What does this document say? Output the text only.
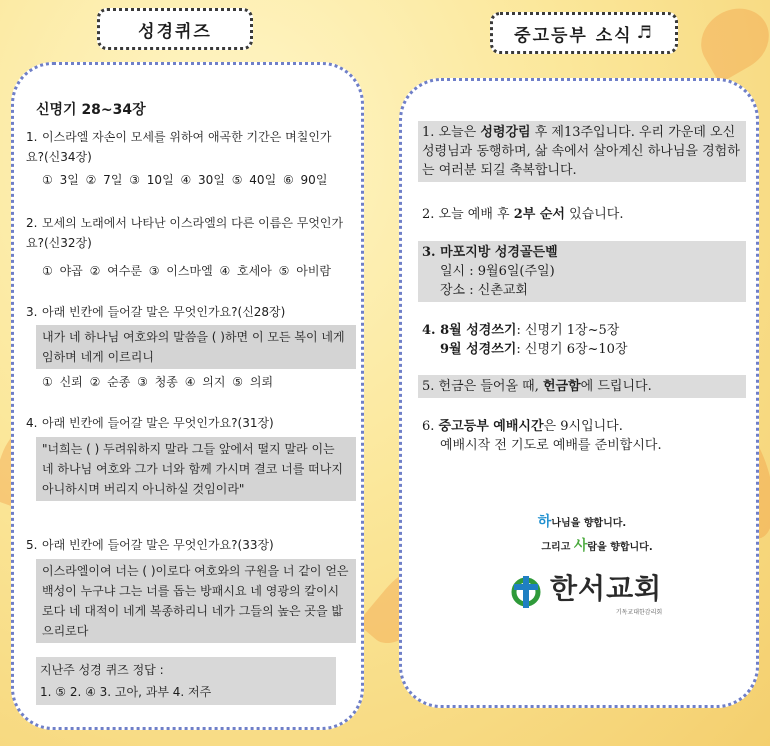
성경퀴즈
신명기 28~34장
1. 이스라엘 자손이 모세를 위하여 애곡한 기간은 며칠인가요?(신34장)
① 3일 ② 7일 ③ 10일 ④ 30일 ⑤ 40일 ⑥ 90일
2. 모세의 노래에서 나타난 이스라엘의 다른 이름은 무엇인가요?(신32장)
① 야곱 ② 여수룬 ③ 이스마엘 ④ 호세아 ⑤ 아비람
3. 아래 빈칸에 들어갈 말은 무엇인가요?(신28장)
내가 네 하나님 여호와의 말씀을 ( )하면 이 모든 복이 네게 임하며 네게 이르리니
① 신뢰 ② 순종 ③ 청종 ④ 의지 ⑤ 의뢰
4. 아래 빈칸에 들어갈 말은 무엇인가요?(31장)
"너희는 ( ) 두려워하지 말라 그들 앞에서 떨지 말라 이는 네 하나님 여호와 그가 너와 함께 가시며 결코 너를 떠나지 아니하시며 버리지 아니하실 것임이라"
5. 아래 빈칸에 들어갈 말은 무엇인가요?(33장)
이스라엘이여 너는 ( )이로다 여호와의 구원을 너 같이 얻은 백성이 누구냐 그는 너를 돕는 방패시요 네 영광의 칼이시로다 네 대적이 네게 복종하리니 네가 그들의 높은 곳을 밟으리로다
지난주 성경 퀴즈 정답 :
1. ⑤ 2. ④ 3. 고아, 과부 4. 저주
중고등부 소식 ♬
1. 오늘은 성령강림 후 제13주입니다. 우리 가운데 오신 성령님과 동행하며, 삶 속에서 살아계신 하나님을 경험하는 여러분 되길 축복합니다.
2. 오늘 예배 후 2부 순서 있습니다.
3. 마포지방 성경골든벨
일시 : 9월6일(주일)
장소 : 신촌교회
4. 8월 성경쓰기: 신명기 1장~5장
9월 성경쓰기: 신명기 6장~10장
5. 헌금은 들어올 때, 헌금함에 드립니다.
6. 중고등부 예배시간은 9시입니다.
예배시작 전 기도로 예배를 준비합시다.
하나님을 향합니다.
그리고 사람을 향합니다.
한서교회
기독교대한감리회
